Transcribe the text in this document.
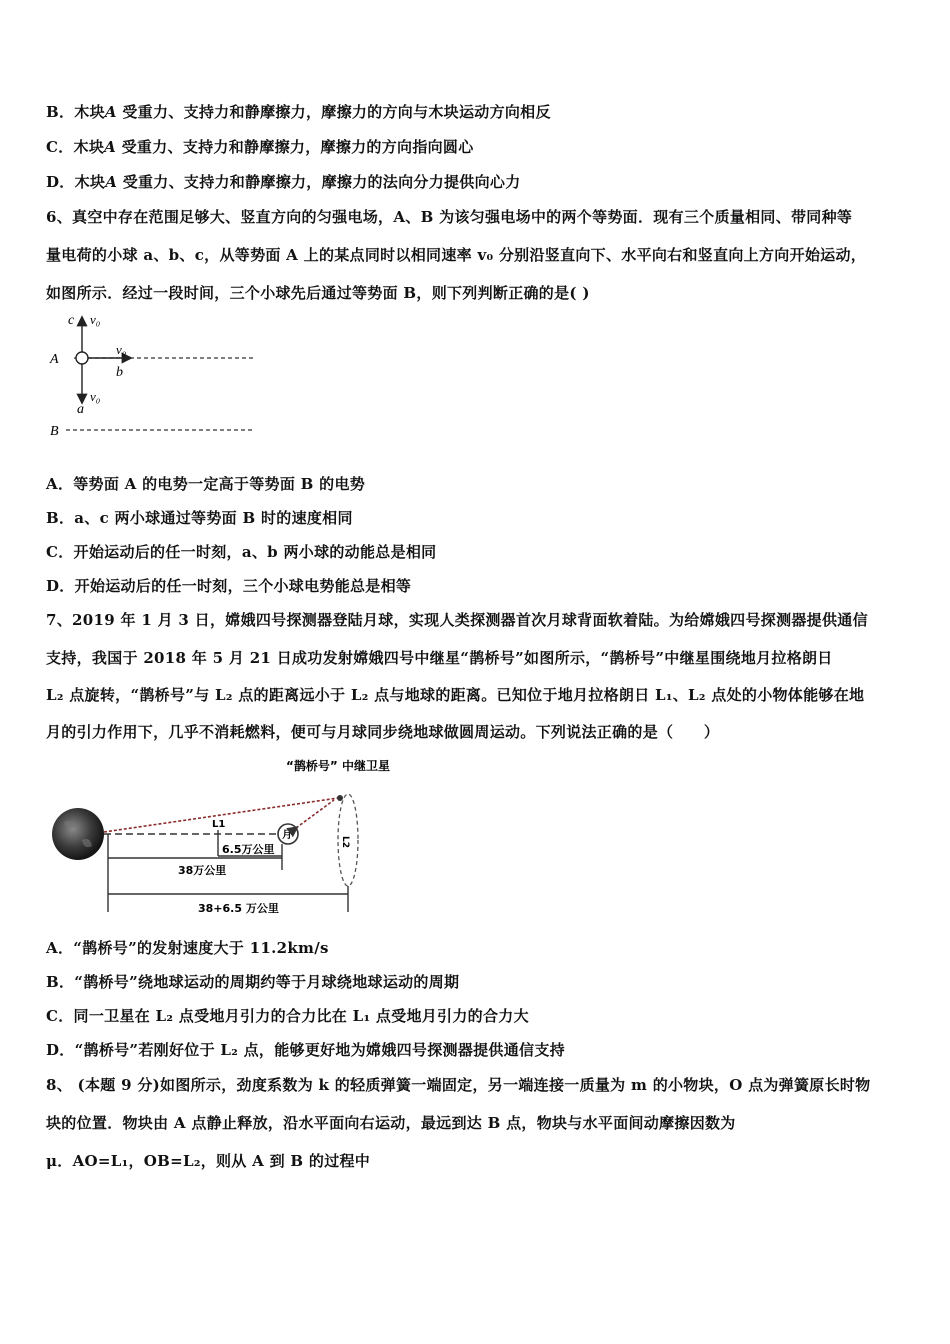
B．木块A 受重力、支持力和静摩擦力，摩擦力的方向与木块运动方向相反
C．木块A 受重力、支持力和静摩擦力，摩擦力的方向指向圆心
D．木块A 受重力、支持力和静摩擦力，摩擦力的法向分力提供向心力
6、真空中存在范围足够大、竖直方向的匀强电场，A、B 为该匀强电场中的两个等势面．现有三个质量相同、带同种等
量电荷的小球 a、b、c，从等势面 A 上的某点同时以相同速率 v₀ 分别沿竖直向下、水平向右和竖直向上方向开始运动，
如图所示．经过一段时间，三个小球先后通过等势面 B，则下列判断正确的是( )
c v₀
A
v₀
b
v₀
a
B
A．等势面 A 的电势一定高于等势面 B 的电势
B．a、c 两小球通过等势面 B 时的速度相同
C．开始运动后的任一时刻，a、b 两小球的动能总是相同
D．开始运动后的任一时刻，三个小球电势能总是相等
7、2019 年 1 月 3 日，嫦娥四号探测器登陆月球，实现人类探测器首次月球背面软着陆。为给嫦娥四号探测器提供通信
支持，我国于 2018 年 5 月 21 日成功发射嫦娥四号中继星“鹊桥号”如图所示，“鹊桥号”中继星围绕地月拉格朗日
L₂ 点旋转，“鹊桥号”与 L₂ 点的距离远小于 L₂ 点与地球的距离。已知位于地月拉格朗日 L₁、L₂ 点处的小物体能够在地
月的引力作用下，几乎不消耗燃料，便可与月球同步绕地球做圆周运动。下列说法正确的是（　　）
“鹊桥号” 中继卫星
L1
月
L2
6.5万公里
38万公里
38+6.5 万公里
A．“鹊桥号”的发射速度大于 11.2km/s
B．“鹊桥号”绕地球运动的周期约等于月球绕地球运动的周期
C．同一卫星在 L₂ 点受地月引力的合力比在 L₁ 点受地月引力的合力大
D．“鹊桥号”若刚好位于 L₂ 点，能够更好地为嫦娥四号探测器提供通信支持
8、 (本题 9 分)如图所示，劲度系数为 k 的轻质弹簧一端固定，另一端连接一质量为 m 的小物块，O 点为弹簧原长时物
块的位置．物块由 A 点静止释放，沿水平面向右运动，最远到达 B 点，物块与水平面间动摩擦因数为
μ．AO=L₁，OB=L₂，则从 A 到 B 的过程中
